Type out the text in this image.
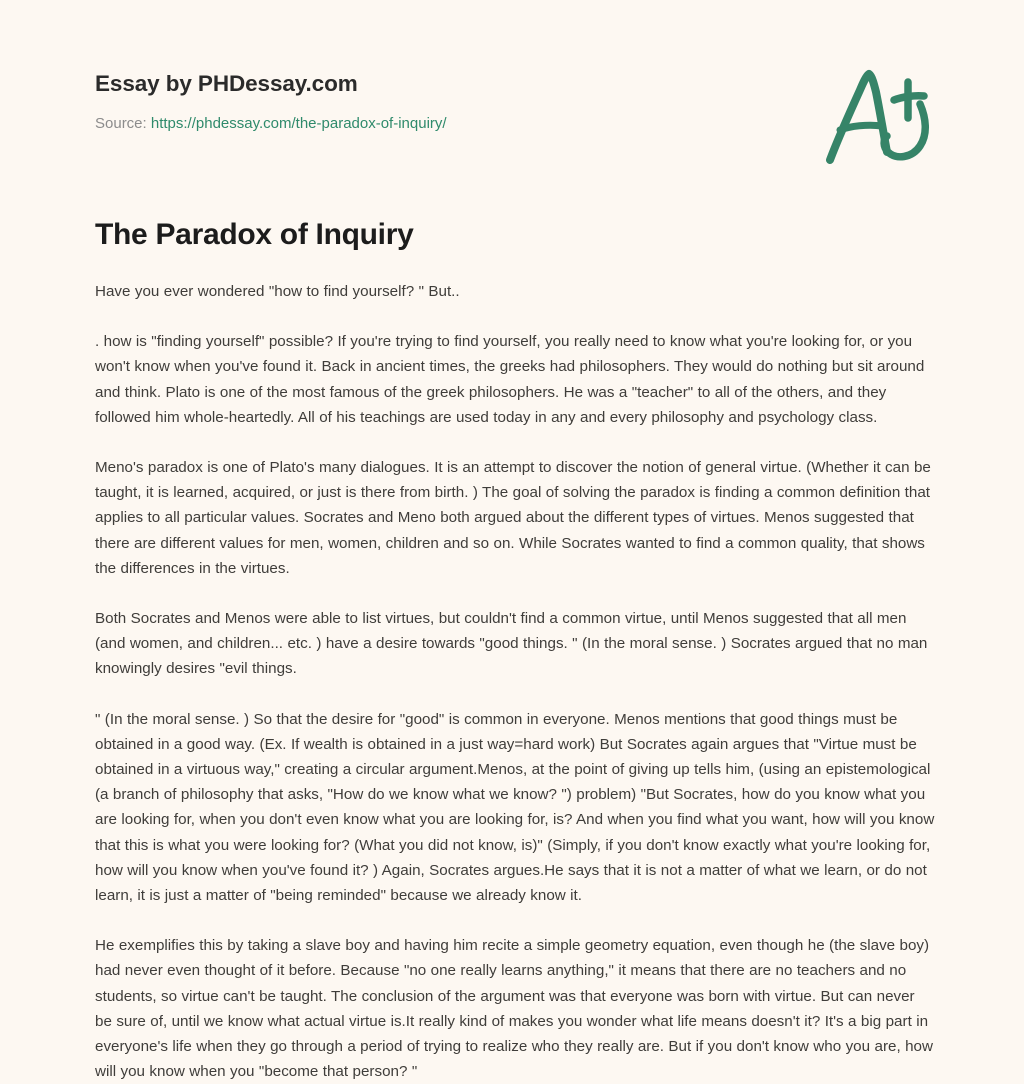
Essay by PHDessay.com
Source: https://phdessay.com/the-paradox-of-inquiry/
The Paradox of Inquiry

Have you ever wondered "how to find yourself? " But..

. how is "finding yourself" possible? If you're trying to find yourself, you really need to know what you're looking for, or you won't know when you've found it. Back in ancient times, the greeks had philosophers. They would do nothing but sit around and think. Plato is one of the most famous of the greek philosophers. He was a "teacher" to all of the others, and they followed him whole-heartedly. All of his teachings are used today in any and every philosophy and psychology class.

Meno's paradox is one of Plato's many dialogues. It is an attempt to discover the notion of general virtue. (Whether it can be taught, it is learned, acquired, or just is there from birth. ) The goal of solving the paradox is finding a common definition that applies to all particular values. Socrates and Meno both argued about the different types of virtues. Menos suggested that there are different values for men, women, children and so on. While Socrates wanted to find a common quality, that shows the differences in the virtues.

Both Socrates and Menos were able to list virtues, but couldn't find a common virtue, until Menos suggested that all men (and women, and children... etc. ) have a desire towards "good things. " (In the moral sense. ) Socrates argued that no man knowingly desires "evil things.

" (In the moral sense. ) So that the desire for "good" is common in everyone. Menos mentions that good things must be obtained in a good way. (Ex. If wealth is obtained in a just way=hard work) But Socrates again argues that "Virtue must be obtained in a virtuous way," creating a circular argument.Menos, at the point of giving up tells him, (using an epistemological (a branch of philosophy that asks, "How do we know what we know? ") problem) "But Socrates, how do you know what you are looking for, when you don't even know what you are looking for, is? And when you find what you want, how will you know that this is what you were looking for? (What you did not know, is)" (Simply, if you don't know exactly what you're looking for, how will you know when you've found it? ) Again, Socrates argues.He says that it is not a matter of what we learn, or do not learn, it is just a matter of "being reminded" because we already know it.

He exemplifies this by taking a slave boy and having him recite a simple geometry equation, even though he (the slave boy) had never even thought of it before. Because "no one really learns anything," it means that there are no teachers and no students, so virtue can't be taught. The conclusion of the argument was that everyone was born with virtue. But can never be sure of, until we know what actual virtue is.It really kind of makes you wonder what life means doesn't it? It's a big part in everyone's life when they go through a period of trying to realize who they really are. But if you don't know who you are, how will you know when you "become that person? "
